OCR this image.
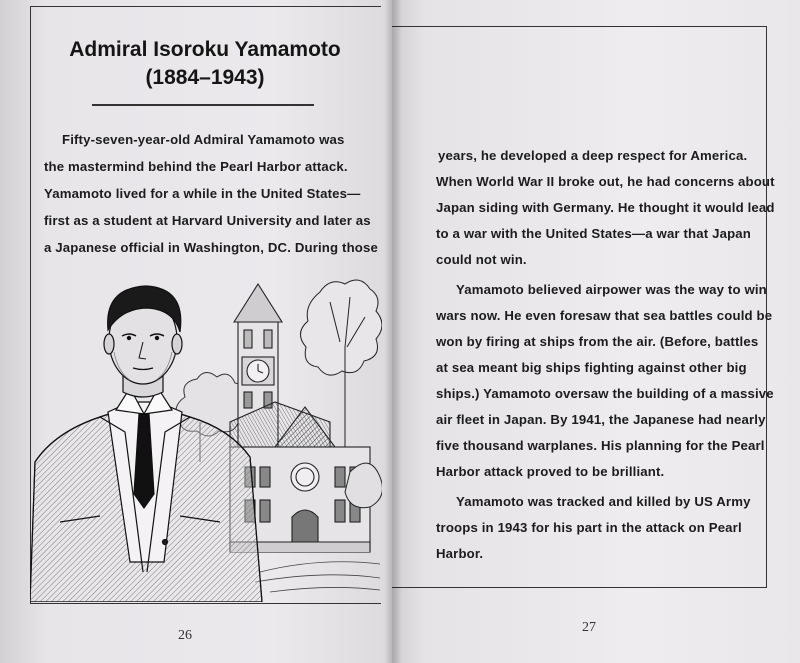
Admiral Isoroku Yamamoto
(1884–1943)
Fifty-seven-year-old Admiral Yamamoto was
the mastermind behind the Pearl Harbor attack.
Yamamoto lived for a while in the United States—
first as a student at Harvard University and later as
a Japanese official in Washington, DC. During those
26
years, he developed a deep respect for America.
When World War II broke out, he had concerns about
Japan siding with Germany. He thought it would lead
to a war with the United States—a war that Japan
could not win.
Yamamoto believed airpower was the way to win
wars now. He even foresaw that sea battles could be
won by firing at ships from the air. (Before, battles
at sea meant big ships fighting against other big
ships.) Yamamoto oversaw the building of a massive
air fleet in Japan. By 1941, the Japanese had nearly
five thousand warplanes. His planning for the Pearl
Harbor attack proved to be brilliant.
Yamamoto was tracked and killed by US Army
troops in 1943 for his part in the attack on Pearl
Harbor.
27
